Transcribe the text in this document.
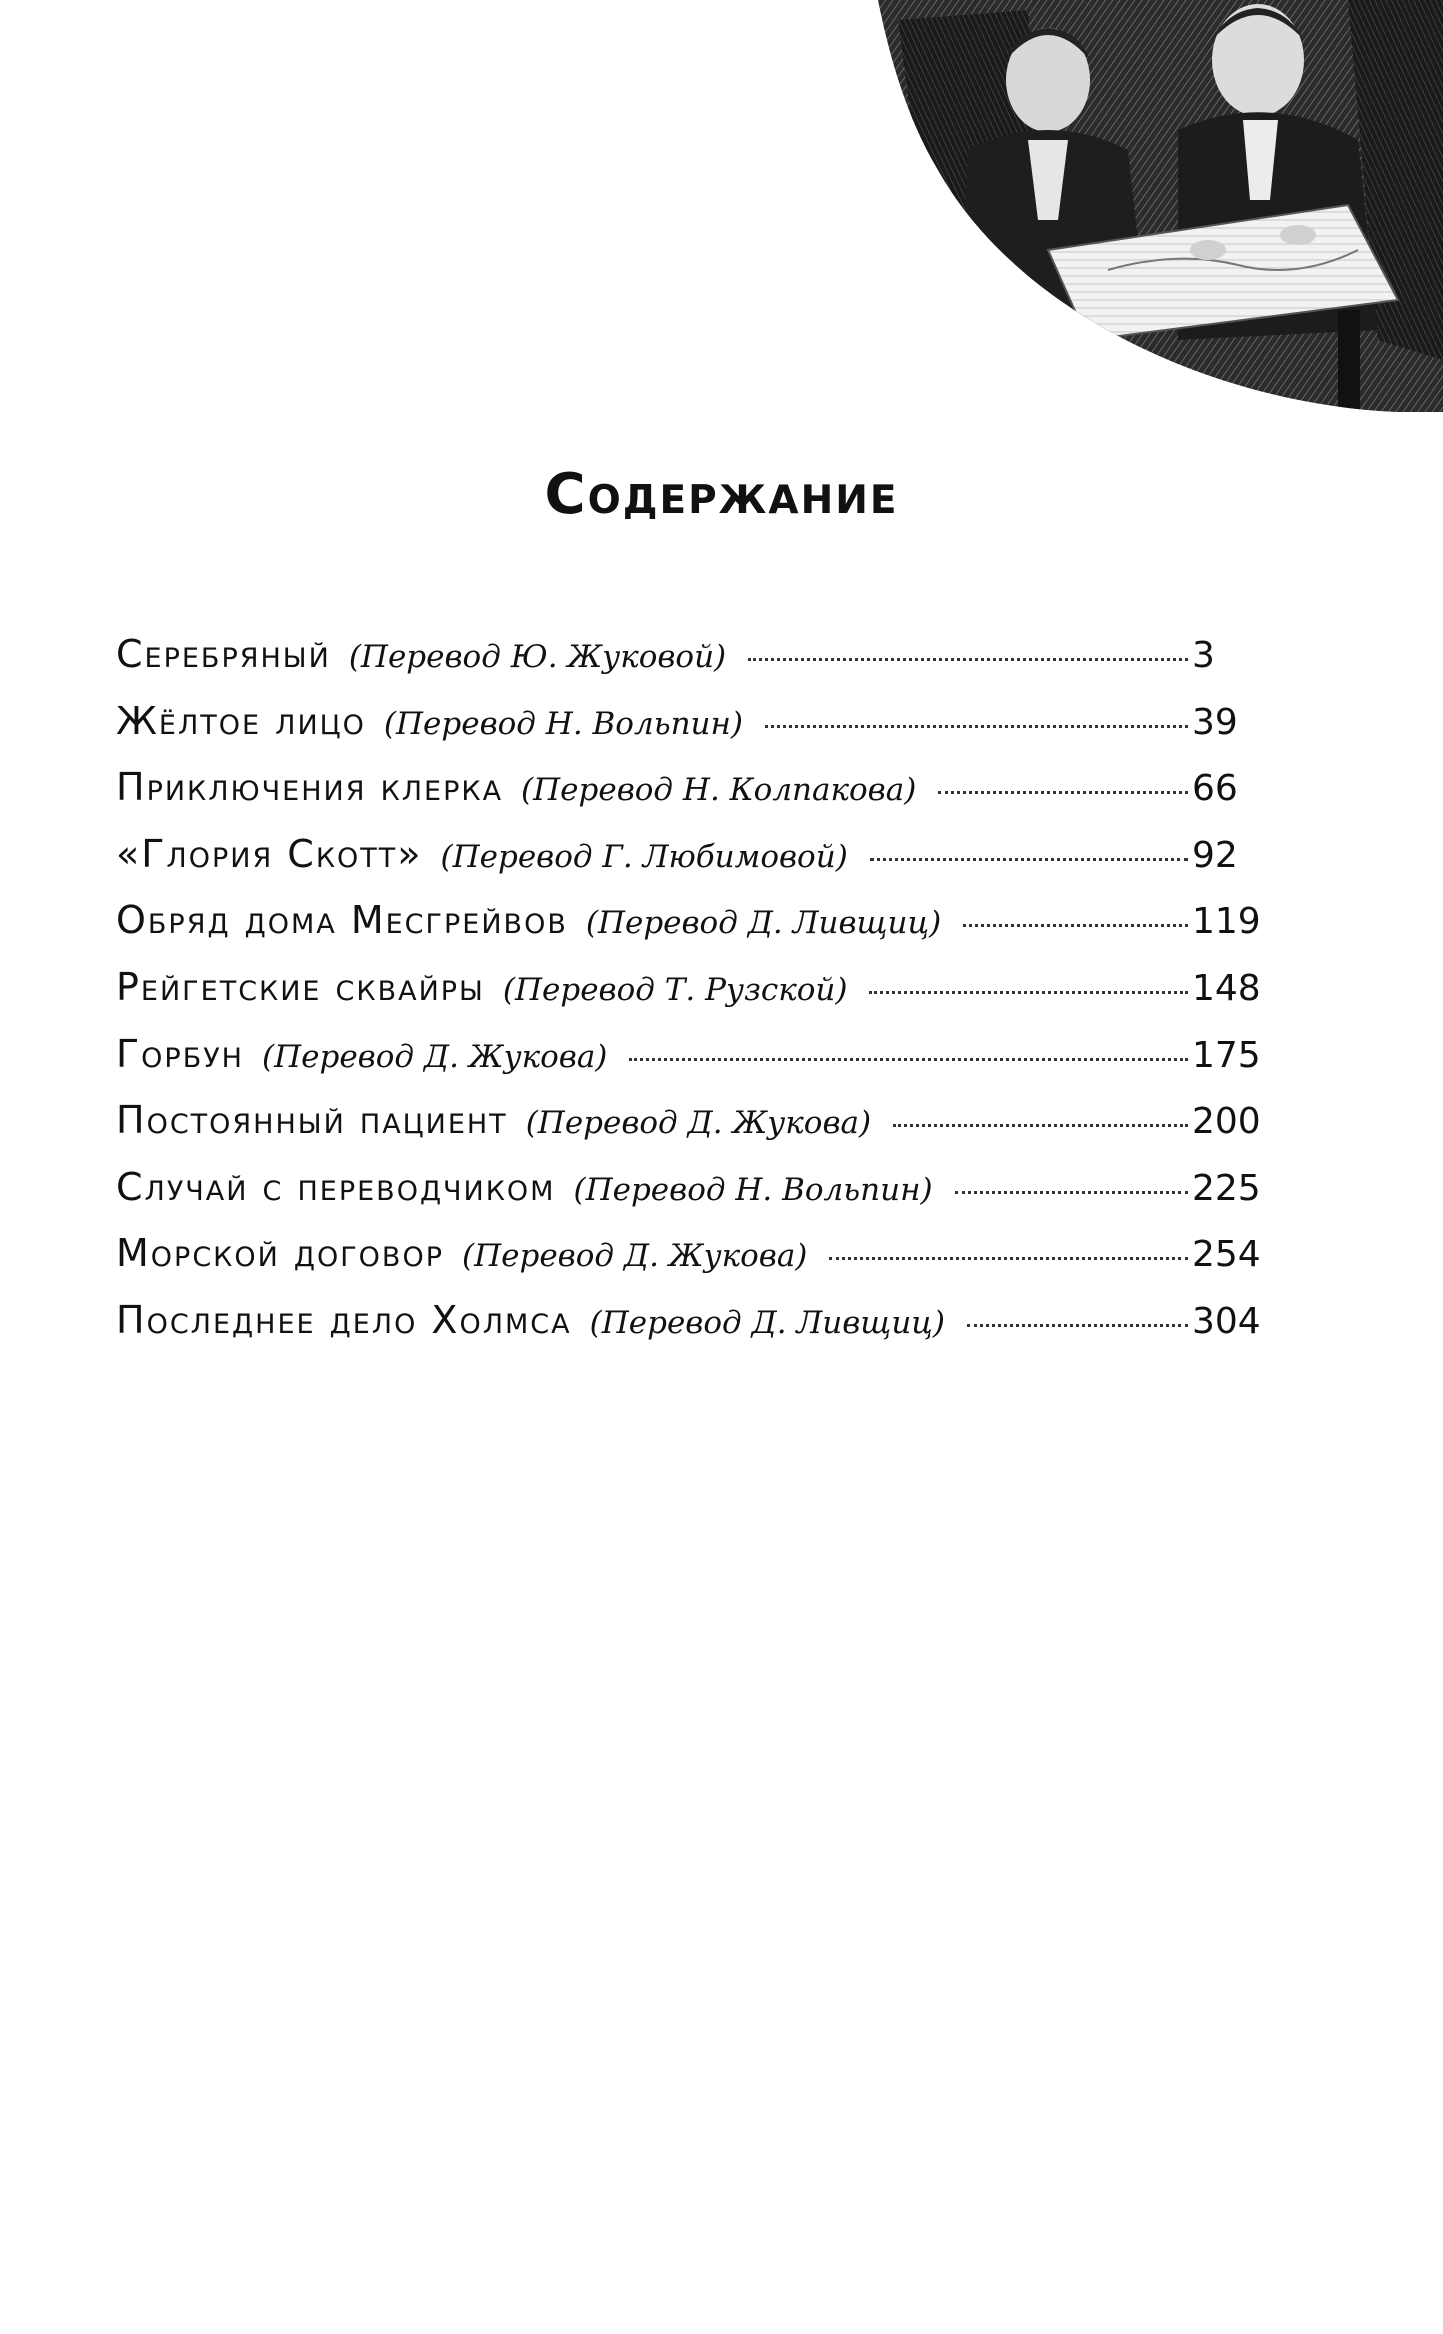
Содержание
Серебряный (Перевод Ю. Жуковой)	3
Жёлтое лицо (Перевод Н. Вольпин)	39
Приключения клерка (Перевод Н. Колпакова)	66
«Глория Скотт» (Перевод Г. Любимовой)	92
Обряд дома Месгрейвов (Перевод Д. Ливщиц)	119
Рейгетские сквайры (Перевод Т. Рузской)	148
Горбун (Перевод Д. Жукова)	175
Постоянный пациент (Перевод Д. Жукова)	200
Случай с переводчиком (Перевод Н. Вольпин)	225
Морской договор (Перевод Д. Жукова)	254
Последнее дело Холмса (Перевод Д. Ливщиц)	304
